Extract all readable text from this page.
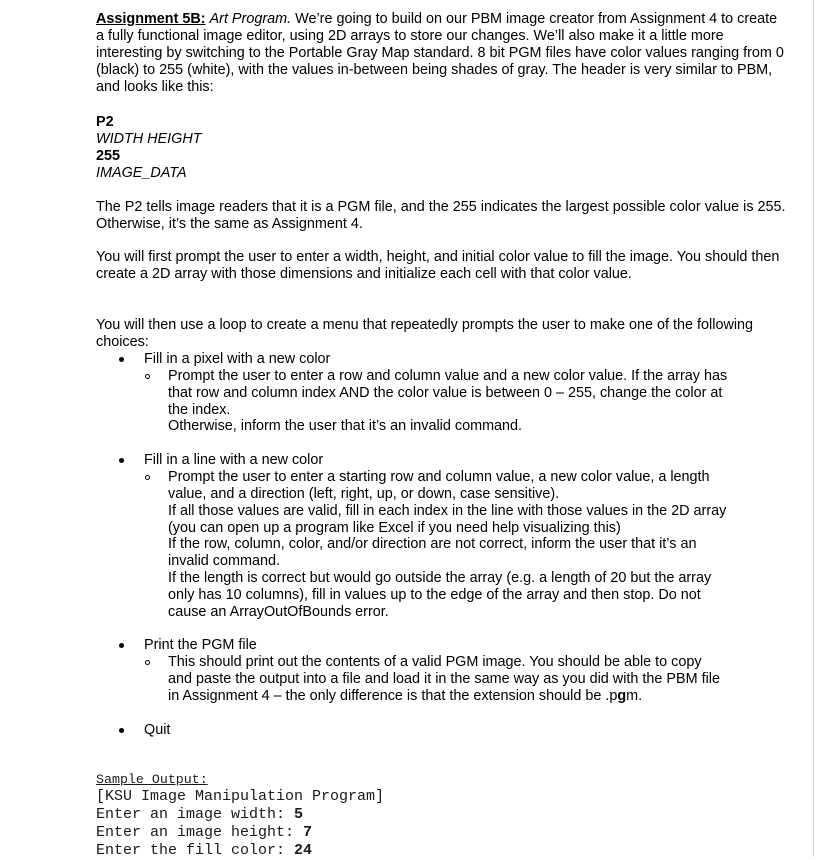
Assignment 5B: Art Program. We’re going to build on our PBM image creator from Assignment 4 to create a fully functional image editor, using 2D arrays to store our changes. We’ll also make it a little more interesting by switching to the Portable Gray Map standard. 8 bit PGM files have color values ranging from 0 (black) to 255 (white), with the values in-between being shades of gray. The header is very similar to PBM, and looks like this:

P2

WIDTH HEIGHT

255

IMAGE_DATA

The P2 tells image readers that it is a PGM file, and the 255 indicates the largest possible color value is 255. Otherwise, it’s the same as Assignment 4.

You will first prompt the user to enter a width, height, and initial color value to fill the image. You should then create a 2D array with those dimensions and initialize each cell with that color value.

You will then use a loop to create a menu that repeatedly prompts the user to make one of the following choices:

Fill in a pixel with a new color

Prompt the user to enter a row and column value and a new color value. If the array has that row and column index AND the color value is between 0 – 255, change the color at the index.

Otherwise, inform the user that it’s an invalid command.

Fill in a line with a new color

Prompt the user to enter a starting row and column value, a new color value, a length value, and a direction (left, right, up, or down, case sensitive).

If all those values are valid, fill in each index in the line with those values in the 2D array (you can open up a program like Excel if you need help visualizing this)

If the row, column, color, and/or direction are not correct, inform the user that it’s an invalid command.

If the length is correct but would go outside the array (e.g. a length of 20 but the array only has 10 columns), fill in values up to the edge of the array and then stop. Do not cause an ArrayOutOfBounds error.

Print the PGM file

This should print out the contents of a valid PGM image. You should be able to copy and paste the output into a file and load it in the same way as you did with the PBM file in Assignment 4 – the only difference is that the extension should be .pgm.

Quit

Sample Output:

[KSU Image Manipulation Program]

Enter an image width: 5

Enter an image height: 7

Enter the fill color: 24
